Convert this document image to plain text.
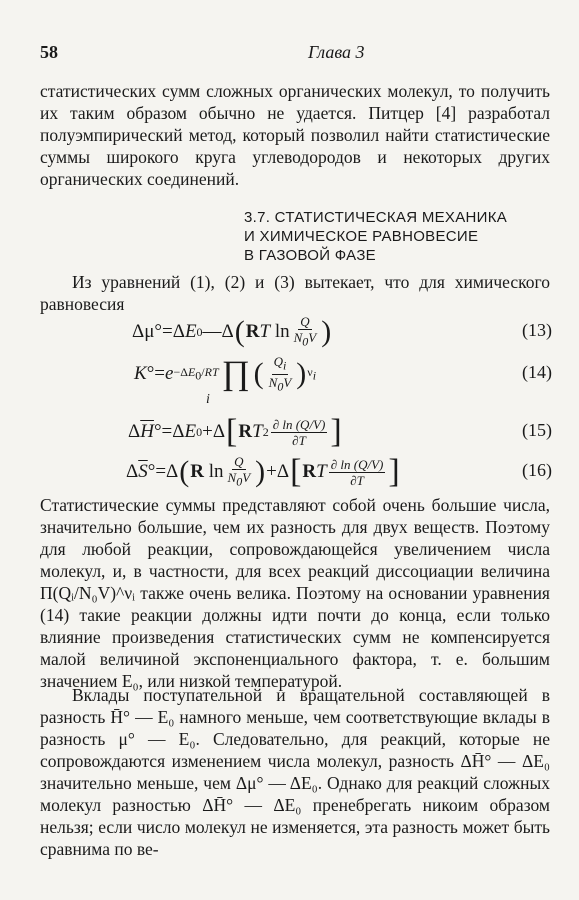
58	Глава 3

статистических сумм сложных органических молекул, то получить их таким образом обычно не удается. Питцер [4] разработал полуэмпирический метод, который позволил найти статистические суммы широкого круга углеводородов и некоторых других органических соединений.

3.7. СТАТИСТИЧЕСКАЯ МЕХАНИКА
И ХИМИЧЕСКОЕ РАВНОВЕСИЕ
В ГАЗОВОЙ ФАЗЕ

Из уравнений (1), (2) и (3) вытекает, что для химического равновесия

Δμ°=Δ E 0 —Δ ( R T $\ln \frac{Q}{N_0V}$ )	(13)
K °= $e -\Delta E_0/RT$ ∏ ( $\frac{Q_i}{N_0V}$ ) $\nu_i$
i
(14)
Δ $\overline{H}$ °=Δ E 0 +Δ [ R T $2 \frac{\partial \ln (Q/V)}{\partial T}$ ]	(15)
Δ $\overline{S}$ °=Δ ( R $\ln \frac{Q}{N_0V}$ ) +Δ [ R T $\frac{\partial \ln (Q/V)}{\partial T}$ ]	(16)

Статистические суммы представляют собой очень большие числа, значительно большие, чем их разность для двух веществ. Поэтому для любой реакции, сопровождающейся увеличением числа молекул, и, в частности, для всех реакций диссоциации величина Π(Qᵢ/N₀V)^νᵢ также очень велика. Поэтому на основании уравнения (14) такие реакции должны идти почти до конца, если только влияние произведения статистических сумм не компенсируется малой величиной экспоненциального фактора, т. е. большим значением E₀, или низкой температурой.

Вклады поступательной и вращательной составляющей в разность H̄° — E₀ намного меньше, чем соответствующие вклады в разность μ° — E₀. Следовательно, для реакций, которые не сопровождаются изменением числа молекул, разность ΔH̄° — ΔE₀ значительно меньше, чем Δμ° — ΔE₀. Однако для реакций сложных молекул разностью ΔH̄° — ΔE₀ пренебрегать никоим образом нельзя; если число молекул не изменяется, эта разность может быть сравнима по ве-
